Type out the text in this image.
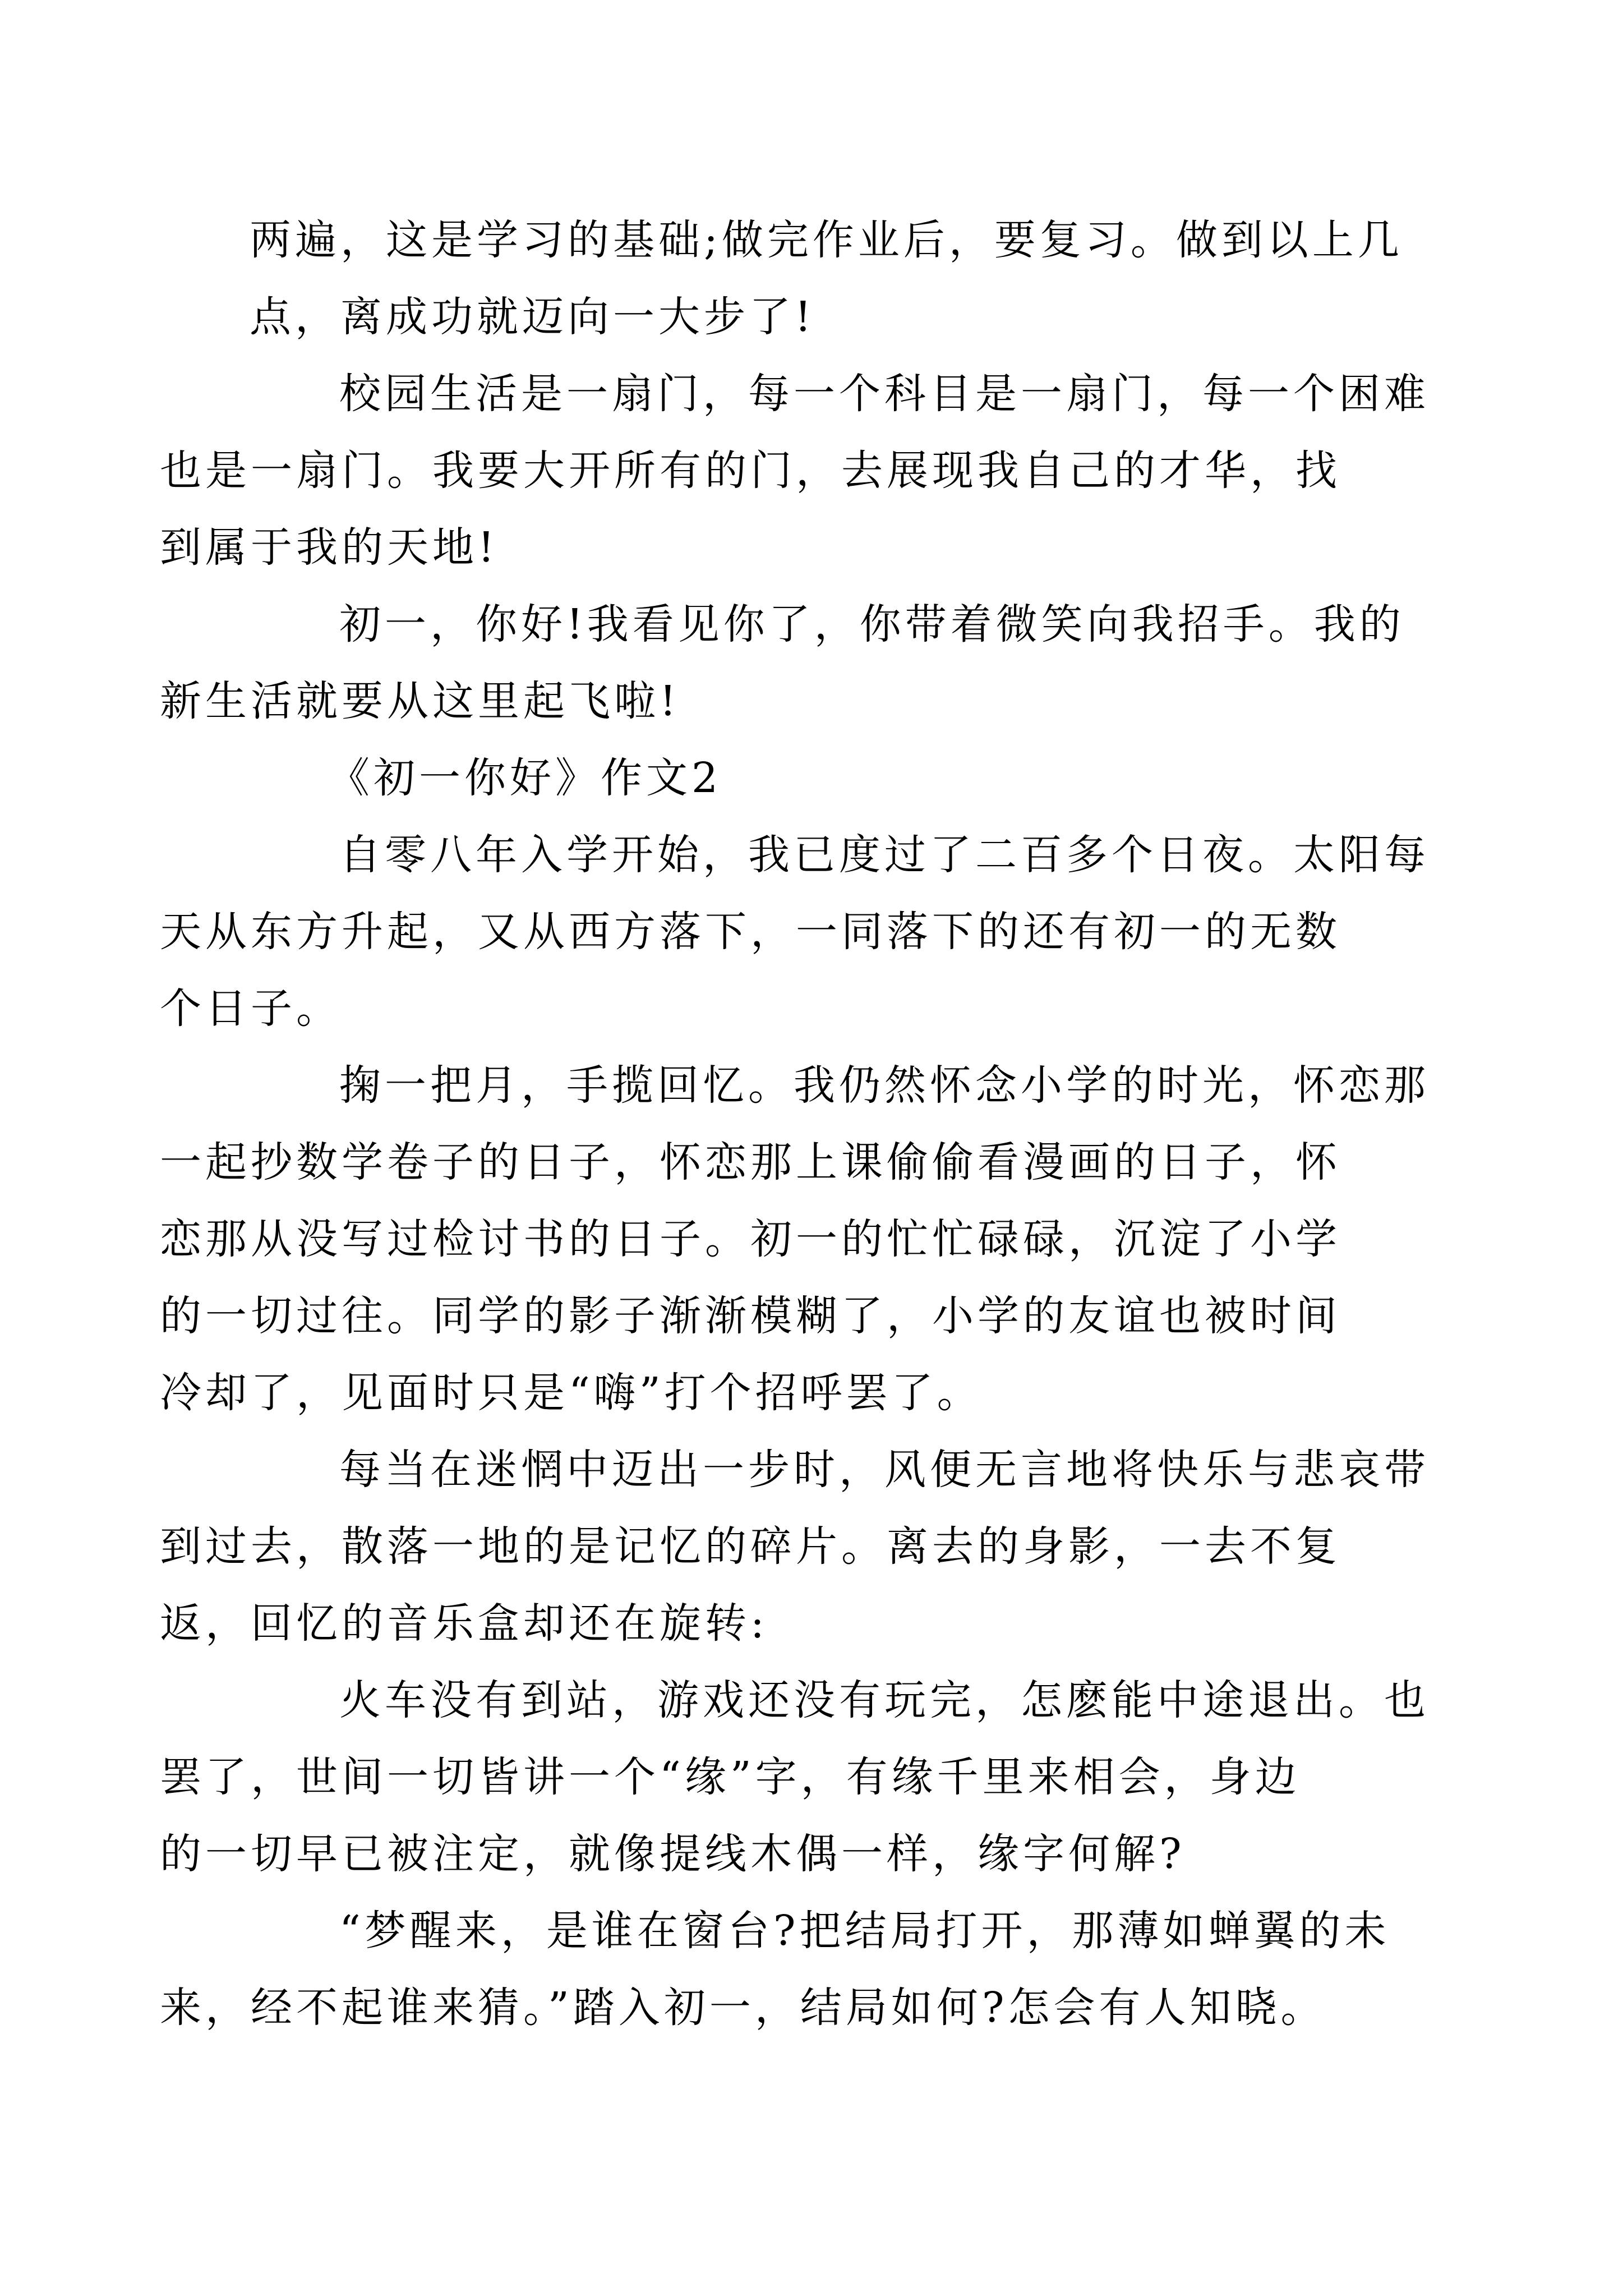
两遍，这是学习的基础;做完作业后，要复习。做到以上几
点，离成功就迈向一大步了!

校园生活是一扇门，每一个科目是一扇门，每一个困难
也是一扇门。我要大开所有的门，去展现我自己的才华，找
到属于我的天地!

初一，你好!我看见你了，你带着微笑向我招手。我的
新生活就要从这里起飞啦!

《初一你好》作文2

自零八年入学开始，我已度过了二百多个日夜。太阳每
天从东方升起，又从西方落下，一同落下的还有初一的无数
个日子。

掬一把月，手揽回忆。我仍然怀念小学的时光，怀恋那
一起抄数学卷子的日子，怀恋那上课偷偷看漫画的日子，怀
恋那从没写过检讨书的日子。初一的忙忙碌碌，沉淀了小学
的一切过往。同学的影子渐渐模糊了，小学的友谊也被时间
冷却了，见面时只是“嗨”打个招呼罢了。

每当在迷惘中迈出一步时，风便无言地将快乐与悲哀带
到过去，散落一地的是记忆的碎片。离去的身影，一去不复
返，回忆的音乐盒却还在旋转:

火车没有到站，游戏还没有玩完，怎麽能中途退出。也
罢了，世间一切皆讲一个“缘”字，有缘千里来相会，身边
的一切早已被注定，就像提线木偶一样，缘字何解?

“梦醒来，是谁在窗台?把结局打开，那薄如蝉翼的未
来，经不起谁来猜。”踏入初一，结局如何?怎会有人知晓。
